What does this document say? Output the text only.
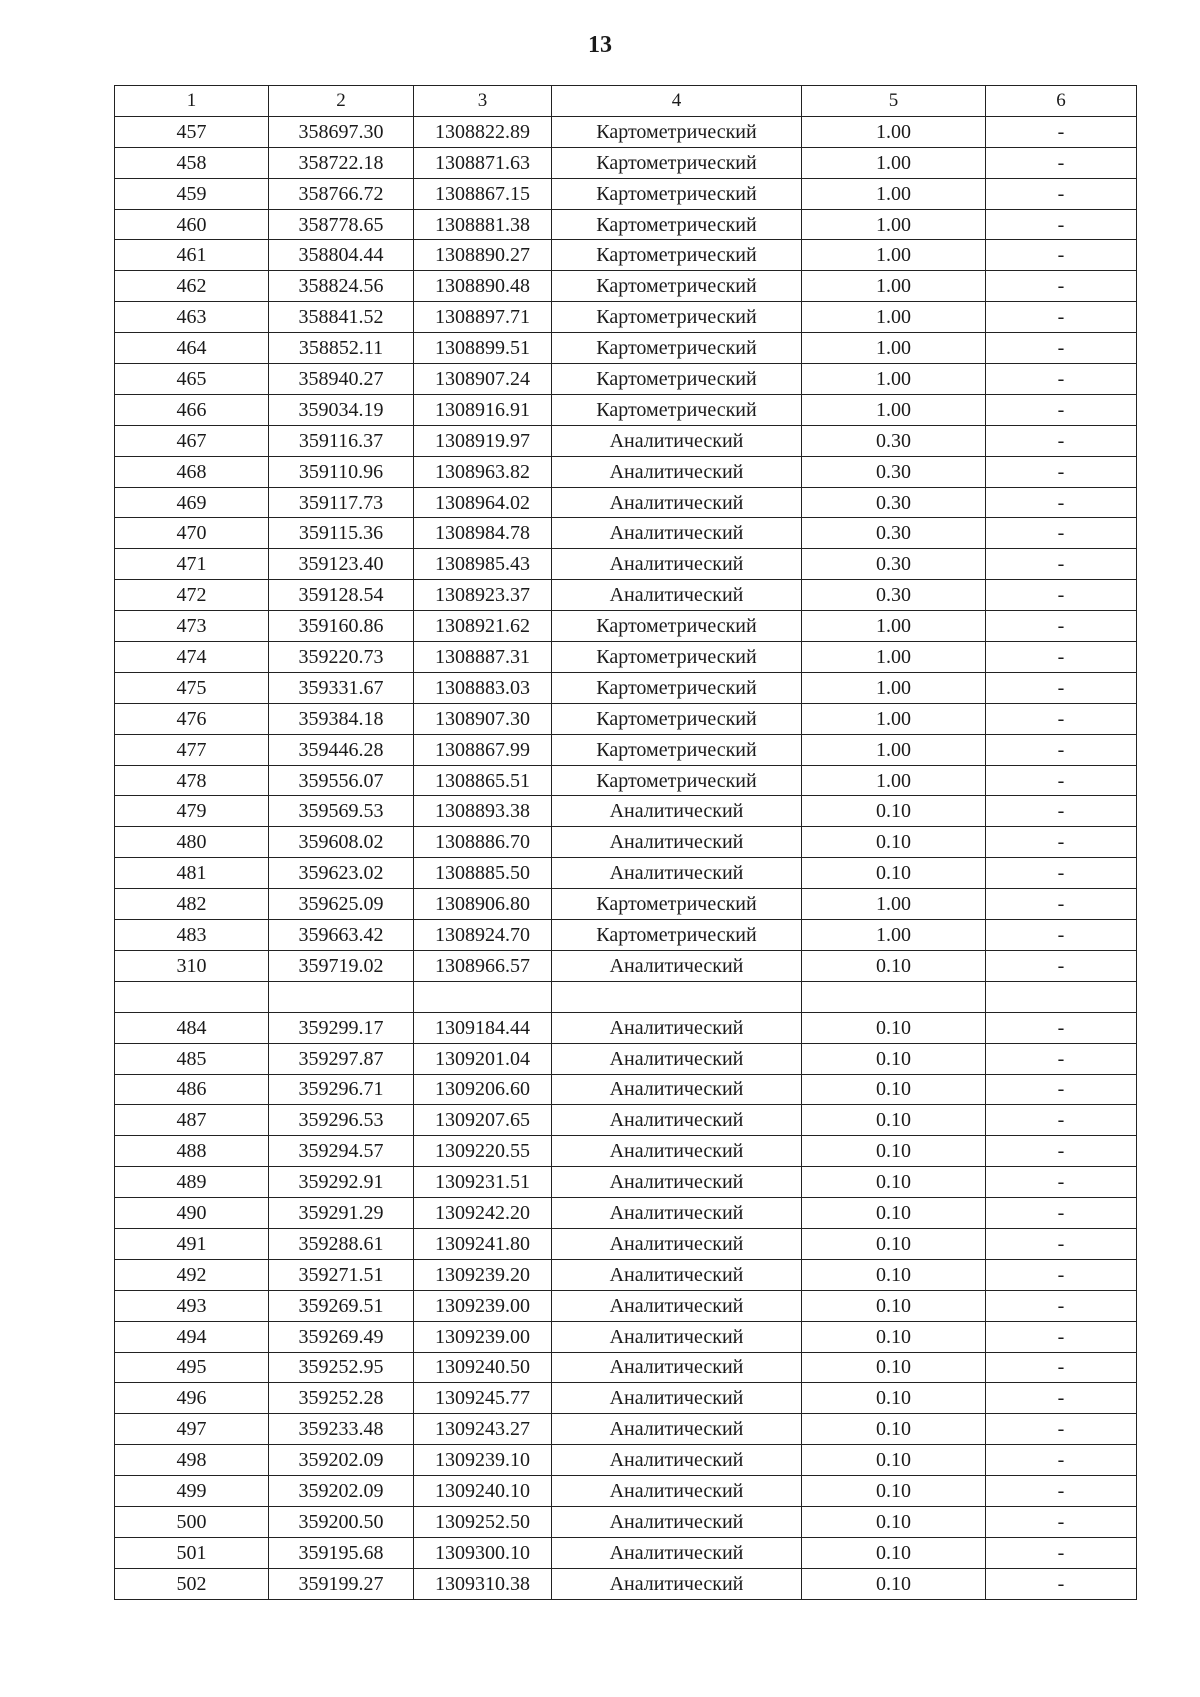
13
1	2	3	4	5	6
457	358697.30	1308822.89	Картометрический	1.00	-
458	358722.18	1308871.63	Картометрический	1.00	-
459	358766.72	1308867.15	Картометрический	1.00	-
460	358778.65	1308881.38	Картометрический	1.00	-
461	358804.44	1308890.27	Картометрический	1.00	-
462	358824.56	1308890.48	Картометрический	1.00	-
463	358841.52	1308897.71	Картометрический	1.00	-
464	358852.11	1308899.51	Картометрический	1.00	-
465	358940.27	1308907.24	Картометрический	1.00	-
466	359034.19	1308916.91	Картометрический	1.00	-
467	359116.37	1308919.97	Аналитический	0.30	-
468	359110.96	1308963.82	Аналитический	0.30	-
469	359117.73	1308964.02	Аналитический	0.30	-
470	359115.36	1308984.78	Аналитический	0.30	-
471	359123.40	1308985.43	Аналитический	0.30	-
472	359128.54	1308923.37	Аналитический	0.30	-
473	359160.86	1308921.62	Картометрический	1.00	-
474	359220.73	1308887.31	Картометрический	1.00	-
475	359331.67	1308883.03	Картометрический	1.00	-
476	359384.18	1308907.30	Картометрический	1.00	-
477	359446.28	1308867.99	Картометрический	1.00	-
478	359556.07	1308865.51	Картометрический	1.00	-
479	359569.53	1308893.38	Аналитический	0.10	-
480	359608.02	1308886.70	Аналитический	0.10	-
481	359623.02	1308885.50	Аналитический	0.10	-
482	359625.09	1308906.80	Картометрический	1.00	-
483	359663.42	1308924.70	Картометрический	1.00	-
310	359719.02	1308966.57	Аналитический	0.10	-

484	359299.17	1309184.44	Аналитический	0.10	-
485	359297.87	1309201.04	Аналитический	0.10	-
486	359296.71	1309206.60	Аналитический	0.10	-
487	359296.53	1309207.65	Аналитический	0.10	-
488	359294.57	1309220.55	Аналитический	0.10	-
489	359292.91	1309231.51	Аналитический	0.10	-
490	359291.29	1309242.20	Аналитический	0.10	-
491	359288.61	1309241.80	Аналитический	0.10	-
492	359271.51	1309239.20	Аналитический	0.10	-
493	359269.51	1309239.00	Аналитический	0.10	-
494	359269.49	1309239.00	Аналитический	0.10	-
495	359252.95	1309240.50	Аналитический	0.10	-
496	359252.28	1309245.77	Аналитический	0.10	-
497	359233.48	1309243.27	Аналитический	0.10	-
498	359202.09	1309239.10	Аналитический	0.10	-
499	359202.09	1309240.10	Аналитический	0.10	-
500	359200.50	1309252.50	Аналитический	0.10	-
501	359195.68	1309300.10	Аналитический	0.10	-
502	359199.27	1309310.38	Аналитический	0.10	-
